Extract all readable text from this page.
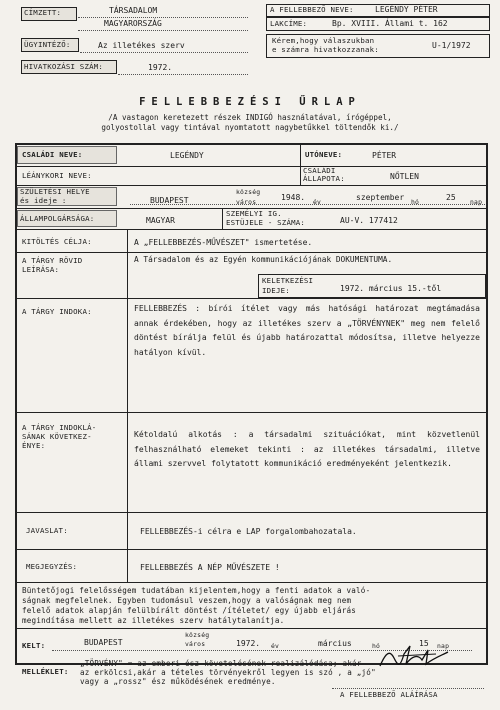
CÍMZETT:	TÁRSADALOM
MAGYARORSZÁG
ÜGYINTÉZŐ:	Az illetékes szerv
HIVATKOZÁSI SZÁM:	1972.
A FELLEBBEZŐ NEVE:	LEGÉNDY PÉTER
LAKCÍME:	Bp. XVIII. Állami t. 162
Kérem,hogy válaszukban
e számra hivatkozzanak:	U-1/1972
FELLEBBEZÉSI ŰRLAP
/A vastagon keretezett részek INDIGÓ használatával, írógéppel,
golyostollal vagy tintával nyomtatott nagybetűkkel töltendők ki./
CSALÁDI NEVE:	LEGÉNDY	UTÓNEVE:	PÉTER
LÉÁNYKORI NEVE:
CSALÁDI
ÁLLAPOTA:	NŐTLEN
SZÜLETÉSI HELYE
és ideje :	BUDAPEST
község
város	1948. év	szeptember hó	25 nap
ÁLLAMPOLGÁRSÁGA:	MAGYAR
SZEMÉLYI IG.
ESTÜJELE - SZÁMA:	AU-V. 177412
KITÖLTÉS CÉLJA:	A „FELLEBBEZÉS-MŰVÉSZET" ismertetése.
A TÁRGY RÖVID
LEÍRÁSA:
A Társadalom és az Egyén kommunikációjának DOKUMENTUMA.
KELETKEZÉSI
IDEJE:	1972. március 15.-től
A TÁRGY INDOKA:	FELLEBBEZÉS : bírói ítélet vagy más hatósági határozat megtámadása annak érdekében, hogy az illetékes szerv a „TÖRVÉNYNEK" meg nem felelő döntést bírálja felül és újabb határozattal módosítsa, illetve helyezze hatályon kívül.
A TÁRGY INDOKLÁ-
SÁNAK KÖVETKEZ-
ÉNYE:
Kétoldalú alkotás : a társadalmi szituációkat, mint közvetlenül felhasználható elemeket tekinti : az illetékes társadalmi, illetve állami szervvel folytatott kommunikáció eredményeként jelentkezik.
JAVASLAT:	FELLEBBEZÉS-i célra e LAP forgalombahozatala.
MEGJEGYZÉS:	FELLEBBEZÉS A NÉP MŰVÉSZETE !
Büntetőjogi felelősségem tudatában kijelentem,hogy a fenti adatok a való-
ságnak megfelelnek. Egyben tudomásul veszem,hogy a valóságnak meg nem
felelő adatok alapján felülbírált döntést /ítéletet/ egy újabb eljárás
megindítása mellett az illetékes szerv hatálytalanítja.
KELT:	BUDAPEST
község
város	1972. év	március	hó	15 nap
MELLÉKLET:
„TÖRVÉNY" = az emberi ész követelésének realizálódása; akár
az erkölcsi,akár a tételes törvényekről legyen is szó , a „jó"
vagy a „rossz" ész működésének eredménye.
A FELLEBBEZŐ ALÁÍRÁSA
